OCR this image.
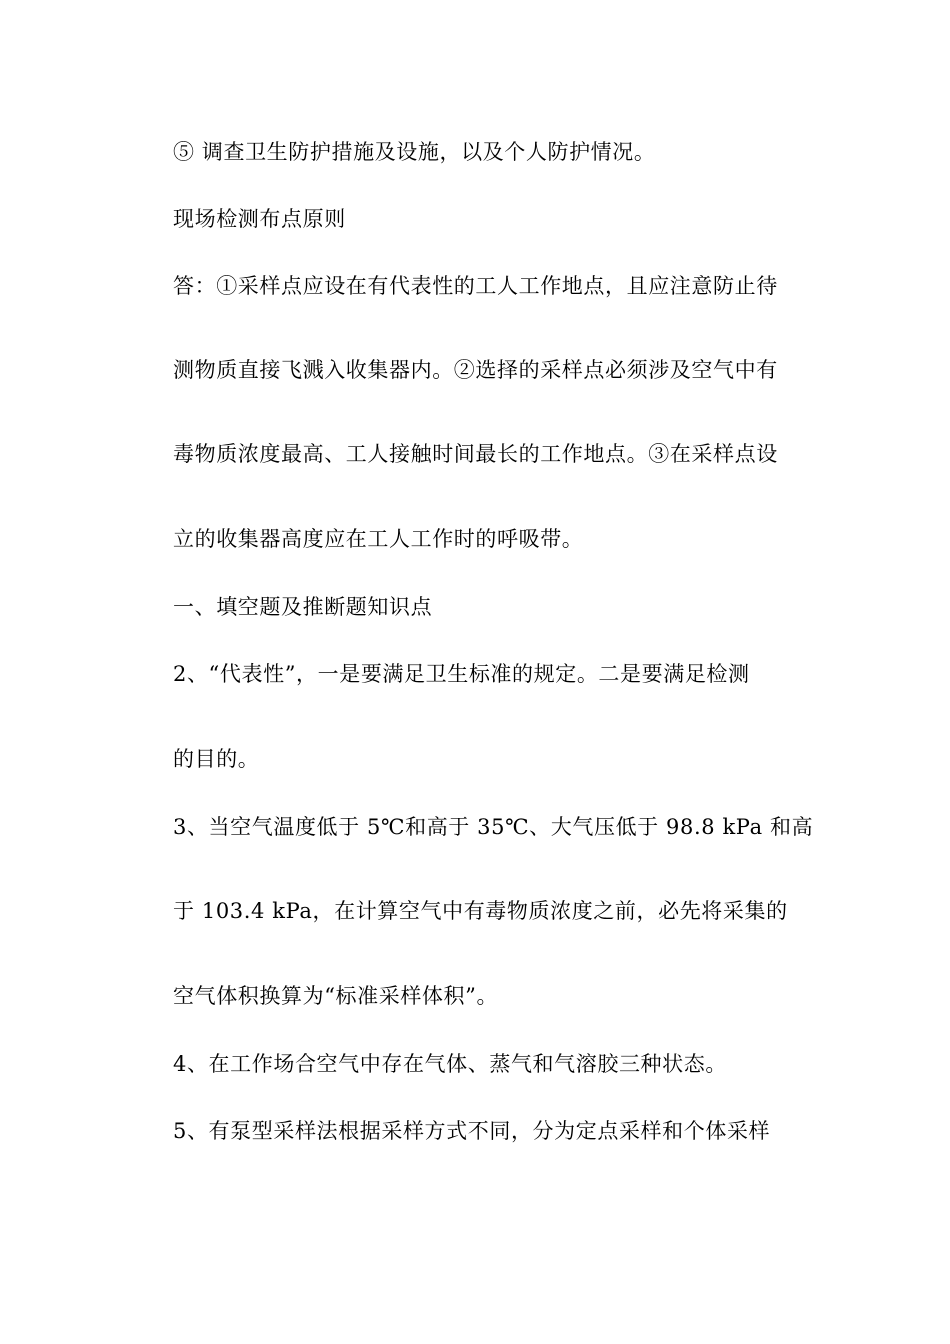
⑤ 调查卫生防护措施及设施，以及个人防护情况。
现场检测布点原则
答：①采样点应设在有代表性的工人工作地点，且应注意防止待
测物质直接飞溅入收集器内。②选择的采样点必须涉及空气中有
毒物质浓度最高、工人接触时间最长的工作地点。③在采样点设
立的收集器高度应在工人工作时的呼吸带。
一、填空题及推断题知识点
2、“代表性”，一是要满足卫生标准的规定。二是要满足检测
的目的。
3、当空气温度低于 5℃和高于 35℃、大气压低于 98.8 kPa 和高
于 103.4 kPa，在计算空气中有毒物质浓度之前，必先将采集的
空气体积换算为“标准采样体积”。
4、在工作场合空气中存在气体、蒸气和气溶胶三种状态。
5、有泵型采样法根据采样方式不同，分为定点采样和个体采样
